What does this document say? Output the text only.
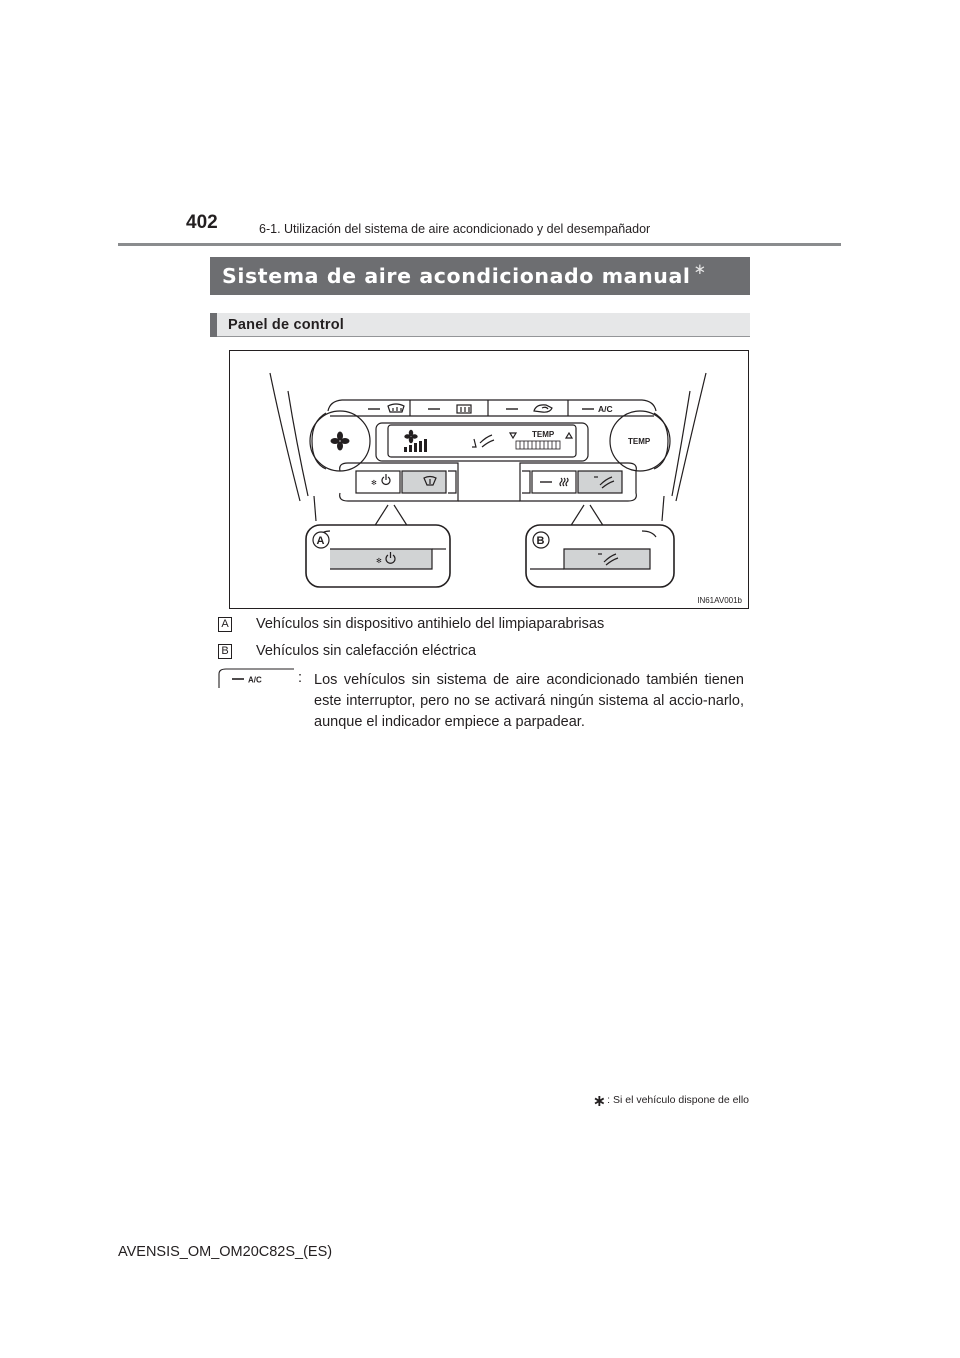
402	6-1. Utilización del sistema de aire acondicionado y del desempañador
Sistema de aire acondicionado manual ∗
Panel de control
A/C
TEMP
TEMP
✻
A
✻
B
IN61AV001b
A Vehículos sin dispositivo antihielo del limpiaparabrisas
B Vehículos sin calefacción eléctrica
A/C : Los vehículos sin sistema de aire acondicionado también tienen este interruptor, pero no se activará ningún sistema al accio-narlo, aunque el indicador empiece a parpadear.
∗ : Si el vehículo dispone de ello
AVENSIS_OM_OM20C82S_(ES)
